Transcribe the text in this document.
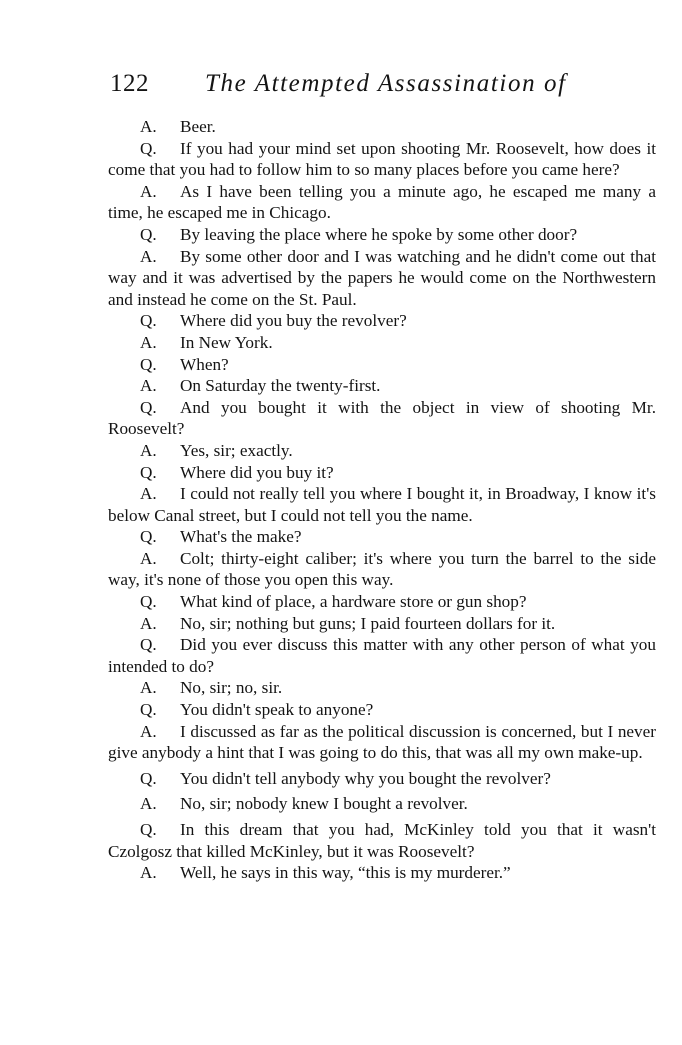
122 The Attempted Assassination of

A. Beer.

Q. If you had your mind set upon shooting Mr. Roosevelt, how does it come that you had to follow him to so many places before you came here?

A. As I have been telling you a minute ago, he escaped me many a time, he escaped me in Chicago.

Q. By leaving the place where he spoke by some other door?

A. By some other door and I was watching and he didn't come out that way and it was advertised by the papers he would come on the Northwestern and instead he come on the St. Paul.

Q. Where did you buy the revolver?

A. In New York.

Q. When?

A. On Saturday the twenty-first.

Q. And you bought it with the object in view of shooting Mr. Roosevelt?

A. Yes, sir; exactly.

Q. Where did you buy it?

A. I could not really tell you where I bought it, in Broadway, I know it's below Canal street, but I could not tell you the name.

Q. What's the make?

A. Colt; thirty-eight caliber; it's where you turn the barrel to the side way, it's none of those you open this way.

Q. What kind of place, a hardware store or gun shop?

A. No, sir; nothing but guns; I paid fourteen dollars for it.

Q. Did you ever discuss this matter with any other person of what you intended to do?

A. No, sir; no, sir.

Q. You didn't speak to anyone?

A. I discussed as far as the political discussion is concerned, but I never give anybody a hint that I was going to do this, that was all my own make-up.

Q. You didn't tell anybody why you bought the revolver?

A. No, sir; nobody knew I bought a revolver.

Q. In this dream that you had, McKinley told you that it wasn't Czolgosz that killed McKinley, but it was Roosevelt?

A. Well, he says in this way, “this is my murderer.”
